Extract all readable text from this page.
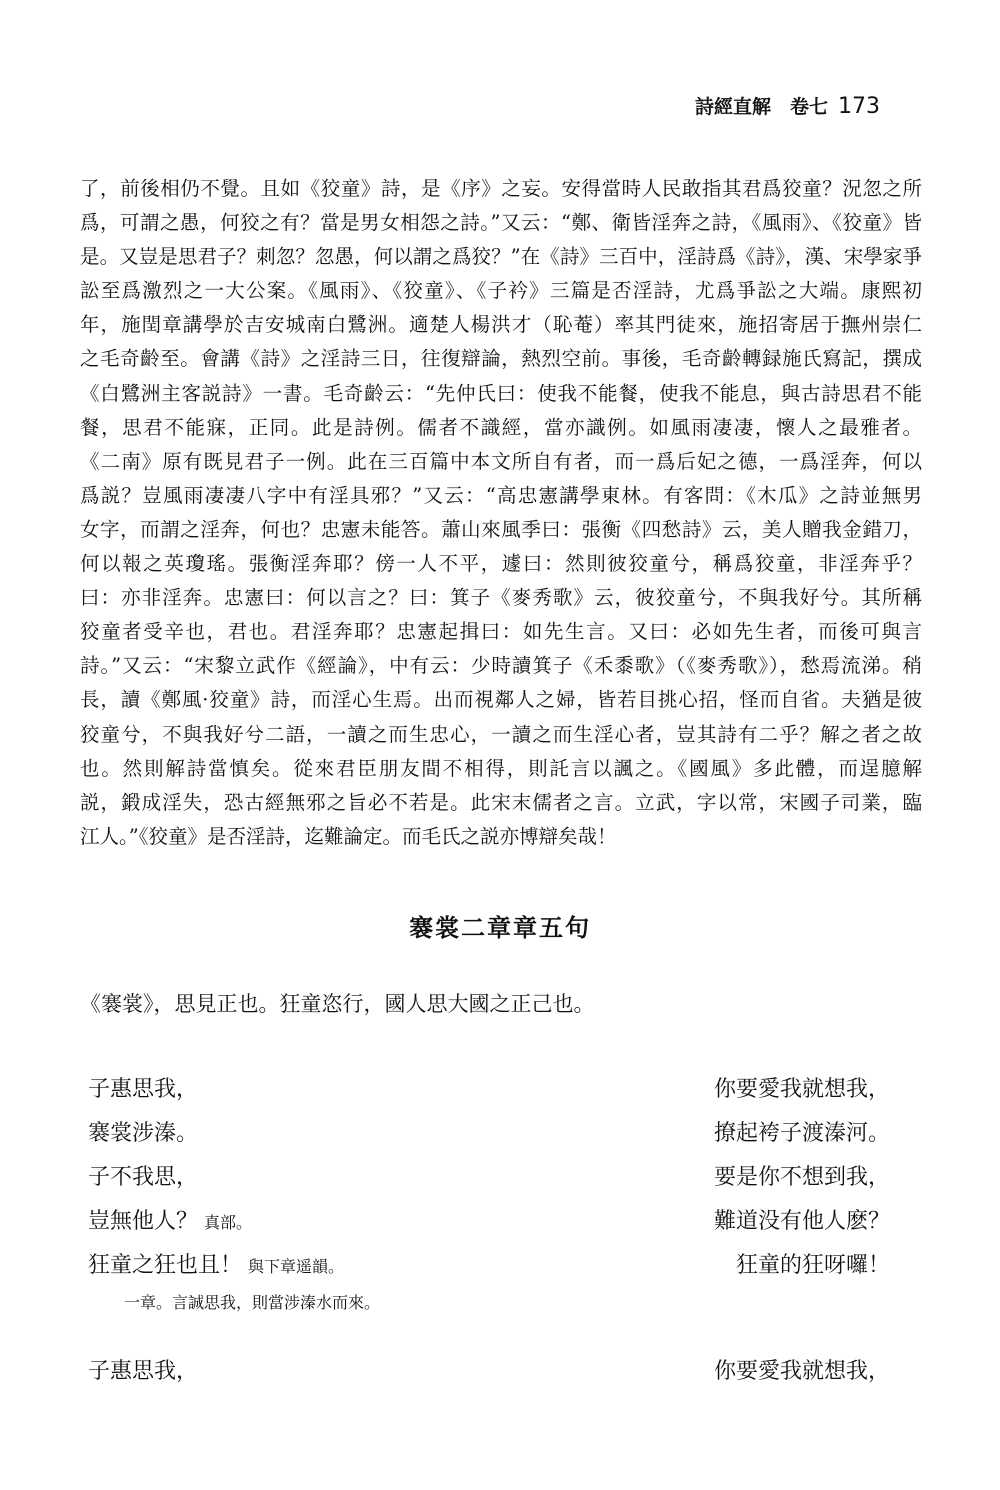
詩經直解　卷七 173
了，前後相仍不覺。且如《狡童》詩，是《序》之妄。安得當時人民敢指其君爲狡童？況忽之所
爲，可謂之愚，何狡之有？當是男女相怨之詩。”又云：“鄭、衛皆淫奔之詩，《風雨》、《狡童》皆
是。又豈是思君子？刺忽？忽愚，何以謂之爲狡？”在《詩》三百中，淫詩爲《詩》，漢、宋學家爭
訟至爲激烈之一大公案。《風雨》、《狡童》、《子衿》三篇是否淫詩，尤爲爭訟之大端。康熙初
年，施閏章講學於吉安城南白鷺洲。適楚人楊洪才（恥菴）率其門徒來，施招寄居于撫州崇仁
之毛奇齡至。會講《詩》之淫詩三日，往復辯論，熱烈空前。事後，毛奇齡轉録施氏寫記，撰成
《白鷺洲主客説詩》一書。毛奇齡云：“先仲氏曰：使我不能餐，使我不能息，與古詩思君不能
餐，思君不能寐，正同。此是詩例。儒者不識經，當亦識例。如風雨凄凄，懷人之最雅者。
《二南》原有既見君子一例。此在三百篇中本文所自有者，而一爲后妃之德，一爲淫奔，何以
爲説？豈風雨凄凄八字中有淫具邪？”又云：“高忠憲講學東林。有客問：《木瓜》之詩並無男
女字，而謂之淫奔，何也？忠憲未能答。蕭山來風季曰：張衡《四愁詩》云，美人贈我金錯刀，
何以報之英瓊瑤。張衡淫奔耶？傍一人不平，遽曰：然則彼狡童兮，稱爲狡童，非淫奔乎？
曰：亦非淫奔。忠憲曰：何以言之？曰：箕子《麥秀歌》云，彼狡童兮，不與我好兮。其所稱
狡童者受辛也，君也。君淫奔耶？忠憲起揖曰：如先生言。又曰：必如先生者，而後可與言
詩。”又云：“宋黎立武作《經論》，中有云：少時讀箕子《禾黍歌》（《麥秀歌》），愁焉流涕。稍
長，讀《鄭風·狡童》詩，而淫心生焉。出而視鄰人之婦，皆若目挑心招，怪而自省。夫猶是彼
狡童兮，不與我好兮二語，一讀之而生忠心，一讀之而生淫心者，豈其詩有二乎？解之者之故
也。然則解詩當慎矣。從來君臣朋友間不相得，則託言以諷之。《國風》多此體，而逞臆解
説，鍛成淫失，恐古經無邪之旨必不若是。此宋末儒者之言。立武，字以常，宋國子司業，臨
江人。”《狡童》是否淫詩，迄難論定。而毛氏之説亦博辯矣哉！
褰裳二章章五句
《褰裳》，思見正也。狂童恣行，國人思大國之正己也。
子惠思我，
褰裳涉溱。
子不我思，
豈無他人？ 真部。
狂童之狂也且！ 與下章遥韻。
一章。言誠思我，則當涉溱水而來。
你要愛我就想我，
撩起袴子渡溱河。
要是你不想到我，
難道没有他人麽？
狂童的狂呀囉！
子惠思我，	你要愛我就想我，
